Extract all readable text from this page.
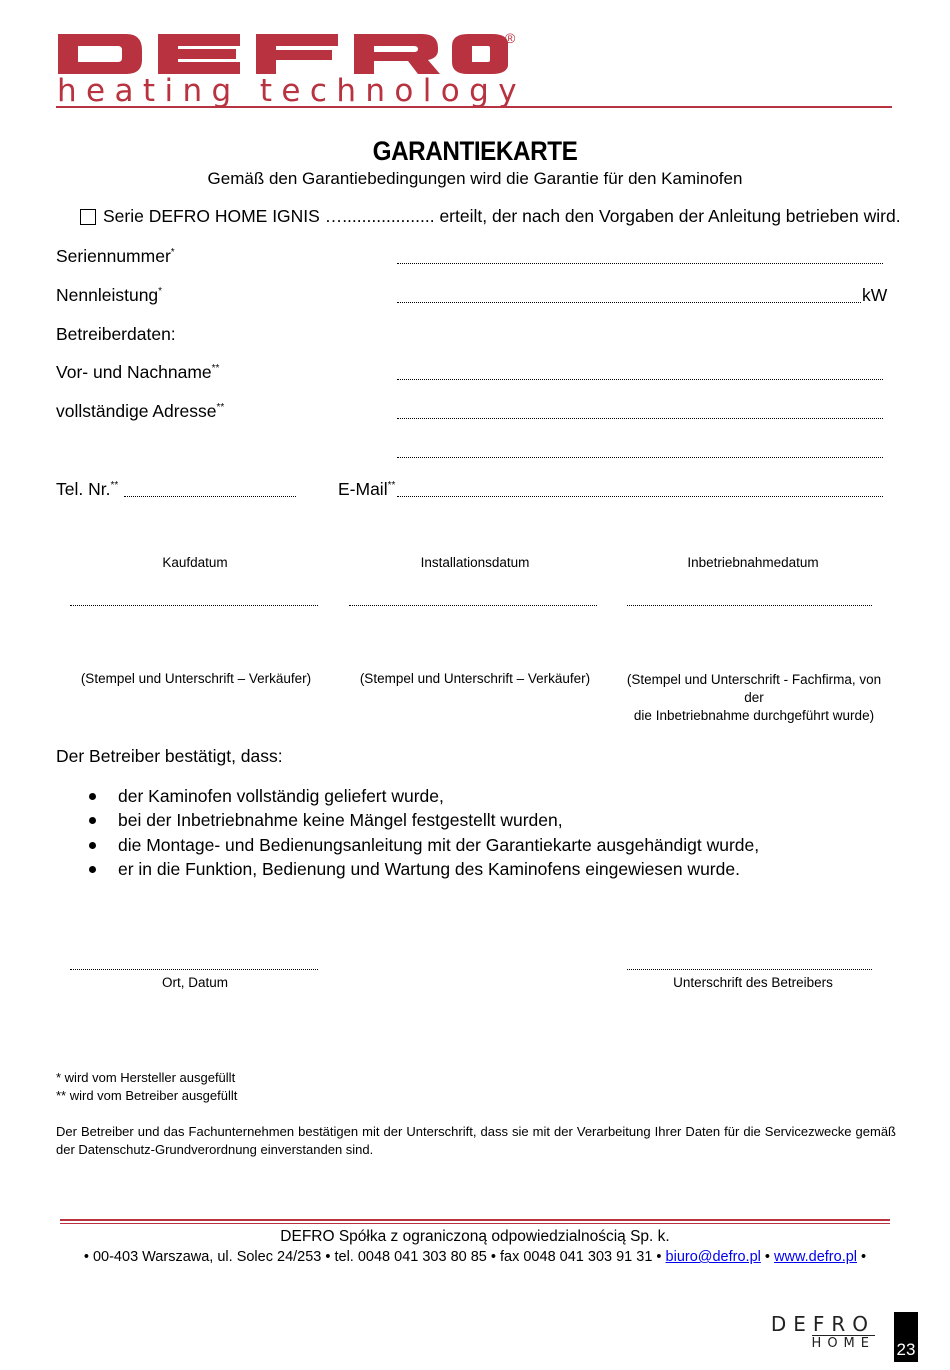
®
heating technology
GARANTIEKARTE
Gemäß den Garantiebedingungen wird die Garantie für den Kaminofen
Serie DEFRO HOME IGNIS …................... erteilt, der nach den Vorgaben der Anleitung betrieben wird.
Seriennummer*
Nennleistung*	kW
Betreiberdaten:
Vor- und Nachname**
vollständige Adresse**
Tel. Nr.**	E-Mail**
Kaufdatum	Installationsdatum	Inbetriebnahmedatum
(Stempel und Unterschrift – Verkäufer)	(Stempel und Unterschrift – Verkäufer)	(Stempel und Unterschrift - Fachfirma, von der
die Inbetriebnahme durchgeführt wurde)
Der Betreiber bestätigt, dass:
der Kaminofen vollständig geliefert wurde,
bei der Inbetriebnahme keine Mängel festgestellt wurden,
die Montage- und Bedienungsanleitung mit der Garantiekarte ausgehändigt wurde,
er in die Funktion, Bedienung und Wartung des Kaminofens eingewiesen wurde.
Ort, Datum	Unterschrift des Betreibers
* wird vom Hersteller ausgefüllt
** wird vom Betreiber ausgefüllt
Der Betreiber und das Fachunternehmen bestätigen mit der Unterschrift, dass sie mit der Verarbeitung Ihrer Daten für die Servicezwecke gemäß der Datenschutz-Grundverordnung einverstanden sind.
DEFRO Spółka z ograniczoną odpowiedzialnością Sp. k.
• 00-403 Warszawa, ul. Solec 24/253 • tel. 0048 041 303 80 85 • fax 0048 041 303 91 31 • biuro@defro.pl • www.defro.pl •
DEFRO
HOME 23
